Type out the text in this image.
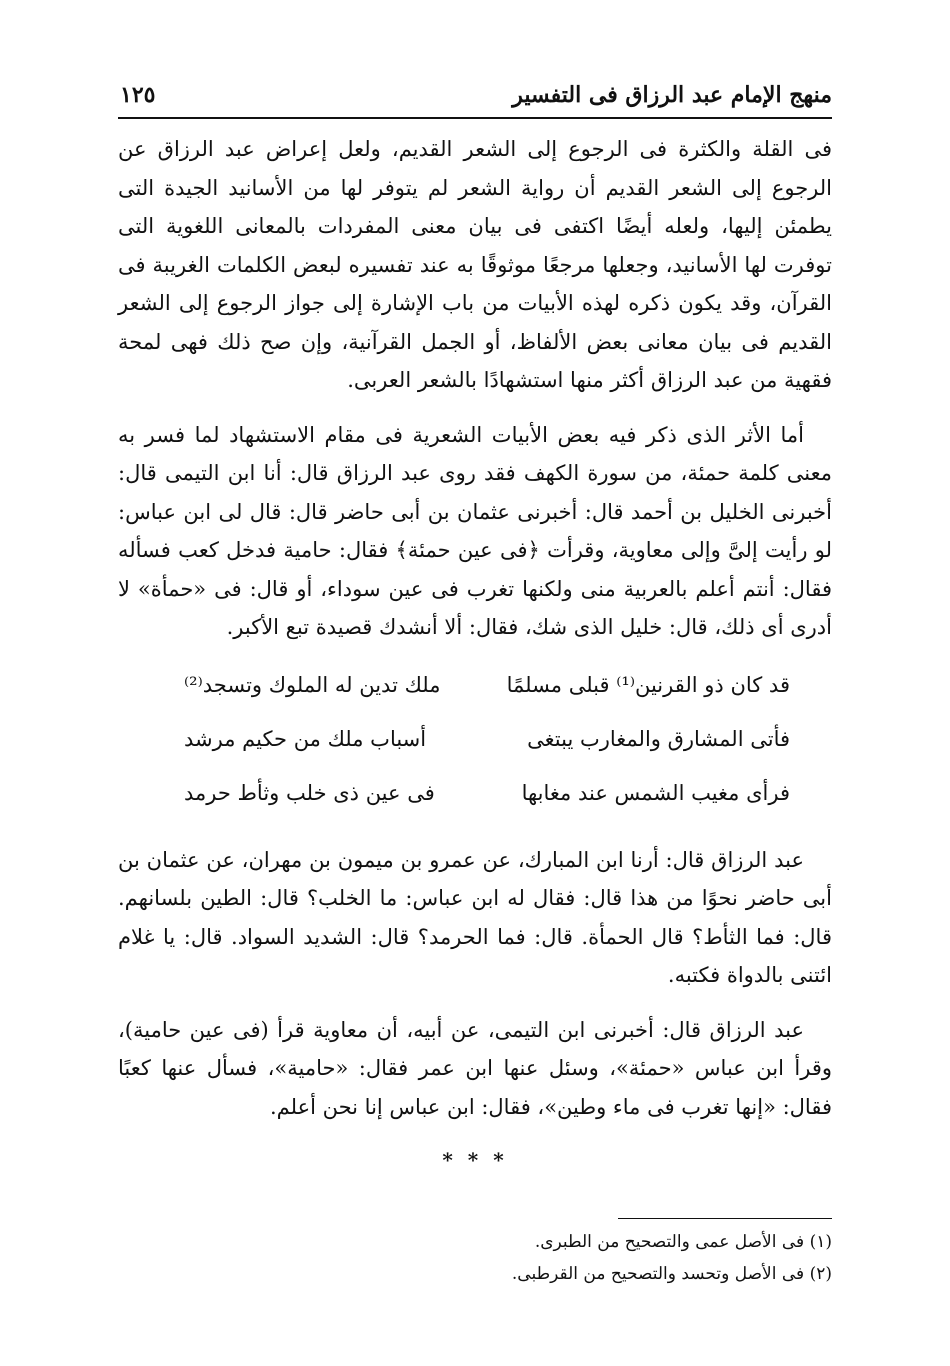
منهج الإمام عبد الرزاق فى التفسير
١٢٥

فى القلة والكثرة فى الرجوع إلى الشعر القديم، ولعل إعراض عبد الرزاق عن الرجوع إلى الشعر القديم أن رواية الشعر لم يتوفر لها من الأسانيد الجيدة التى يطمئن إليها، ولعله أيضًا اكتفى فى بيان معنى المفردات بالمعانى اللغوية التى توفرت لها الأسانيد، وجعلها مرجعًا موثوقًا به عند تفسيره لبعض الكلمات الغريبة فى القرآن، وقد يكون ذكره لهذه الأبيات من باب الإشارة إلى جواز الرجوع إلى الشعر القديم فى بيان معانى بعض الألفاظ، أو الجمل القرآنية، وإن صح ذلك فهى لمحة فقهية من عبد الرزاق أكثر منها استشهادًا بالشعر العربى.

أما الأثر الذى ذكر فيه بعض الأبيات الشعرية فى مقام الاستشهاد لما فسر به معنى كلمة حمئة، من سورة الكهف فقد روى عبد الرزاق قال: أنا ابن التيمى قال: أخبرنى الخليل بن أحمد قال: أخبرنى عثمان بن أبى حاضر قال: قال لى ابن عباس: لو رأيت إلىَّ وإلى معاوية، وقرأت ﴿فى عين حمئة﴾ فقال: حامية فدخل كعب فسأله فقال: أنتم أعلم بالعربية منى ولكنها تغرب فى عين سوداء، أو قال: فى «حمأة» لا أدرى أى ذلك، قال: خليل الذى شك، فقال: ألا أنشدك قصيدة تبع الأكبر.

قد كان ذو القرنين⁽¹⁾ قبلى مسلمًا
ملك تدين له الملوك وتسجد⁽²⁾
فأتى المشارق والمغارب يبتغى
أسباب ملك من حكيم مرشد
فرأى مغيب الشمس عند مغابها
فى عين ذى خلب وثأط حرمد

عبد الرزاق قال: أرنا ابن المبارك، عن عمرو بن ميمون بن مهران، عن عثمان بن أبى حاضر نحوًا من هذا قال: فقال له ابن عباس: ما الخلب؟ قال: الطين بلسانهم. قال: فما الثأط؟ قال الحمأة. قال: فما الحرمد؟ قال: الشديد السواد. قال: يا غلام ائتنى بالدواة فكتبه.

عبد الرزاق قال: أخبرنى ابن التيمى، عن أبيه، أن معاوية قرأ (فى عين حامية)، وقرأ ابن عباس «حمئة»، وسئل عنها ابن عمر فقال: «حامية»، فسأل عنها كعبًا فقال: «إنها تغرب فى ماء وطين»، فقال: ابن عباس إنا نحن أعلم.

* * *
(١) فى الأصل عمى والتصحيح من الطبرى.
(٢) فى الأصل وتحسد والتصحيح من القرطبى.
